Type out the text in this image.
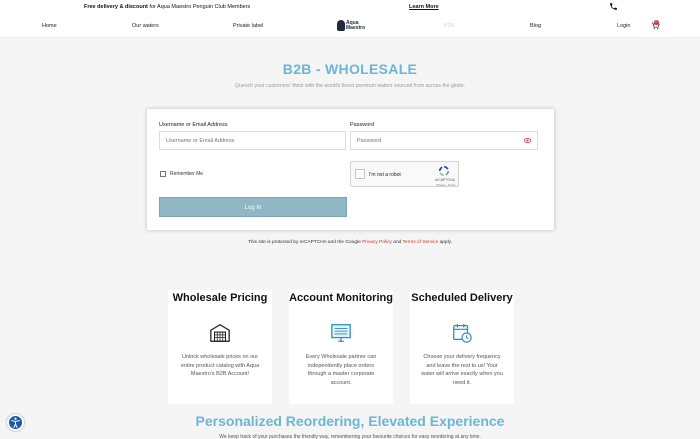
Free delivery & discount for Aqua Maestro Penguin Club Members	Learn More
Home	Our waters	Private label	Aqua Maestro	B2B	Blog	Login
0
B2B - WHOLESALE
Quench your customers' thirst with the world's finest premium waters sourced from across the globe.
Username or Email Address
Username or Email Address	Password
Remember Me	I'm not a robot
reCAPTCHA
Privacy - Terms
Log In
This site is protected by reCAPTCHA and the Google Privacy Policy and Terms of Service apply.
Wholesale Pricing
Unlock wholesale prices on our entire product catalog with Aqua Maestro's B2B Account!
Account Monitoring
Every Wholesale partner can independently place orders through a master corporate account.
Scheduled Delivery
Choose your delivery frequency and leave the rest to us! Your water will arrive exactly when you need it.
Personalized Reordering, Elevated Experience
We keep track of your purchases the friendly way, remembering your favourite choices for easy reordering at any time.
